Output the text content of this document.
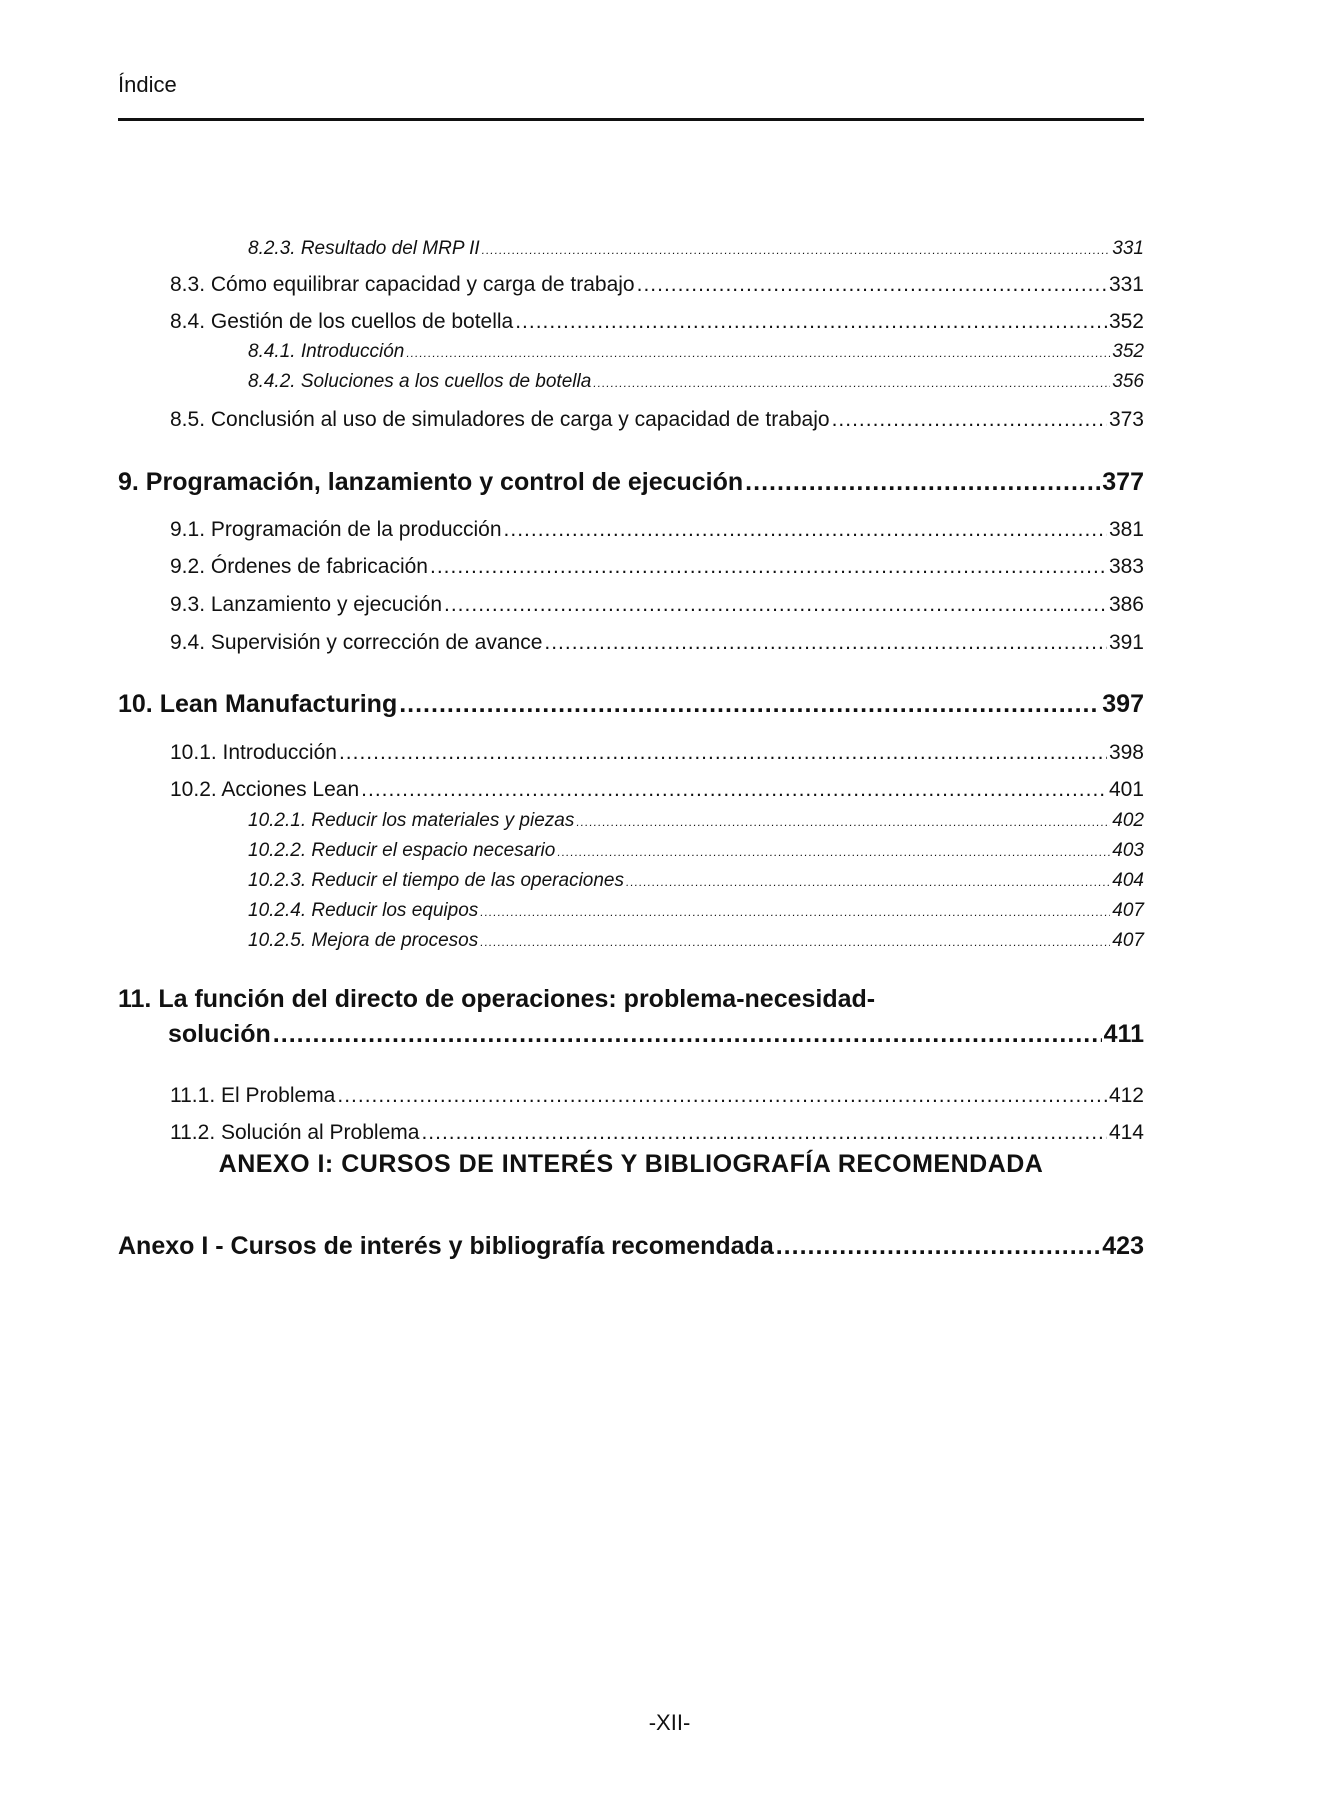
Índice
8.2.3. Resultado del MRP II .....	331
8.3. Cómo equilibrar capacidad y carga de trabajo .....	331
8.4. Gestión de los cuellos de botella .....	352
8.4.1. Introducción .....	352
8.4.2. Soluciones a los cuellos de botella .....	356
8.5. Conclusión al uso de simuladores de carga y capacidad de trabajo .....	373
9. Programación, lanzamiento y control de ejecución .....	377
9.1. Programación de la producción .....	381
9.2. Órdenes de fabricación .....	383
9.3. Lanzamiento y ejecución .....	386
9.4. Supervisión y corrección de avance .....	391
10. Lean Manufacturing .....	397
10.1. Introducción .....	398
10.2. Acciones Lean .....	401
10.2.1. Reducir los materiales y piezas .....	402
10.2.2. Reducir el espacio necesario .....	403
10.2.3. Reducir el tiempo de las operaciones .....	404
10.2.4. Reducir los equipos .....	407
10.2.5. Mejora de procesos .....	407
11. La función del directo de operaciones: problema-necesidad-
solución .....	411
11.1. El Problema .....	412
11.2. Solución al Problema .....	414
ANEXO I: CURSOS DE INTERÉS Y BIBLIOGRAFÍA RECOMENDADA
Anexo I - Cursos de interés y bibliografía recomendada .....	423
-XII-
